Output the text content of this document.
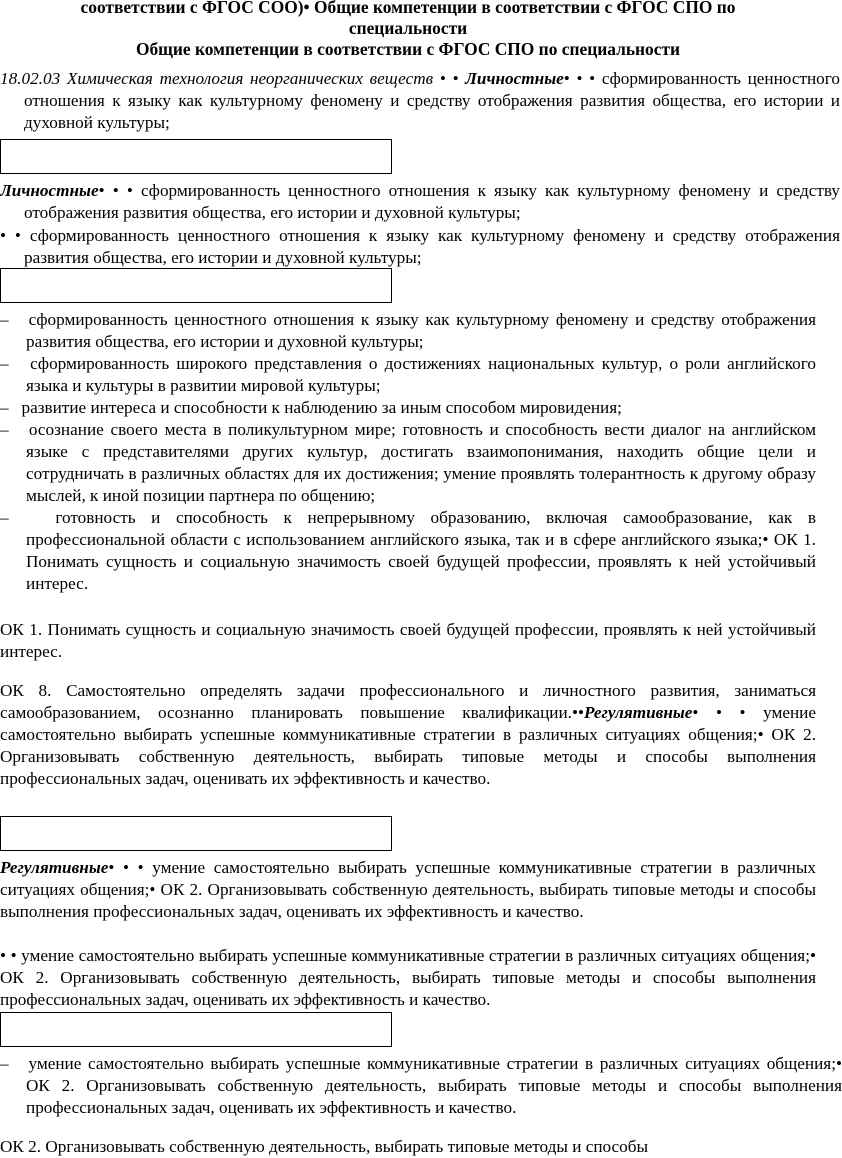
соответствии с ФГОС СОО)• Общие компетенции в соответствии с ФГОС СПО по
специальности
Общие компетенции в соответствии с ФГОС СПО по специальности

18.02.03 Химическая технология неорганических веществ • • Личностные• • • сформированность ценностного отношения к языку как культурному феномену и средству отображения развития общества, его истории и духовной культуры;

Личностные• • • сформированность ценностного отношения к языку как культурному феномену и средству отображения развития общества, его истории и духовной культуры;

• • сформированность ценностного отношения к языку как культурному феномену и средству отображения развития общества, его истории и духовной культуры;

– сформированность ценностного отношения к языку как культурному феномену и средству отображения развития общества, его истории и духовной культуры;

– сформированность широкого представления о достижениях национальных культур, о роли английского языка и культуры в развитии мировой культуры;

– развитие интереса и способности к наблюдению за иным способом мировидения;

– осознание своего места в поликультурном мире; готовность и способность вести диалог на английском языке с представителями других культур, достигать взаимопонимания, находить общие цели и сотрудничать в различных областях для их достижения; умение проявлять толерантность к другому образу мыслей, к иной позиции партнера по общению;

–	готовность и способность к непрерывному образованию, включая самообразование, как в профессиональной области с использованием английского языка, так и в сфере английского языка;• ОК 1. Понимать сущность и социальную значимость своей будущей профессии, проявлять к ней устойчивый интерес.

ОК 1. Понимать сущность и социальную значимость своей будущей профессии, проявлять к ней устойчивый интерес.

ОК 8. Самостоятельно определять задачи профессионального и личностного развития, заниматься самообразованием, осознанно планировать повышение квалификации.••Регулятивные• • • умение самостоятельно выбирать успешные коммуникативные стратегии в различных ситуациях общения;• ОК 2. Организовывать собственную деятельность, выбирать типовые методы и способы выполнения профессиональных задач, оценивать их эффективность и качество.

Регулятивные• • • умение самостоятельно выбирать успешные коммуникативные стратегии в различных ситуациях общения;• ОК 2. Организовывать собственную деятельность, выбирать типовые методы и способы выполнения профессиональных задач, оценивать их эффективность и качество.

• • умение самостоятельно выбирать успешные коммуникативные стратегии в различных ситуациях общения;• ОК 2. Организовывать собственную деятельность, выбирать типовые методы и способы выполнения профессиональных задач, оценивать их эффективность и качество.

– умение самостоятельно выбирать успешные коммуникативные стратегии в различных ситуациях общения;• ОК 2. Организовывать собственную деятельность, выбирать типовые методы и способы выполнения профессиональных задач, оценивать их эффективность и качество.

ОК 2. Организовывать собственную деятельность, выбирать типовые методы и способы
